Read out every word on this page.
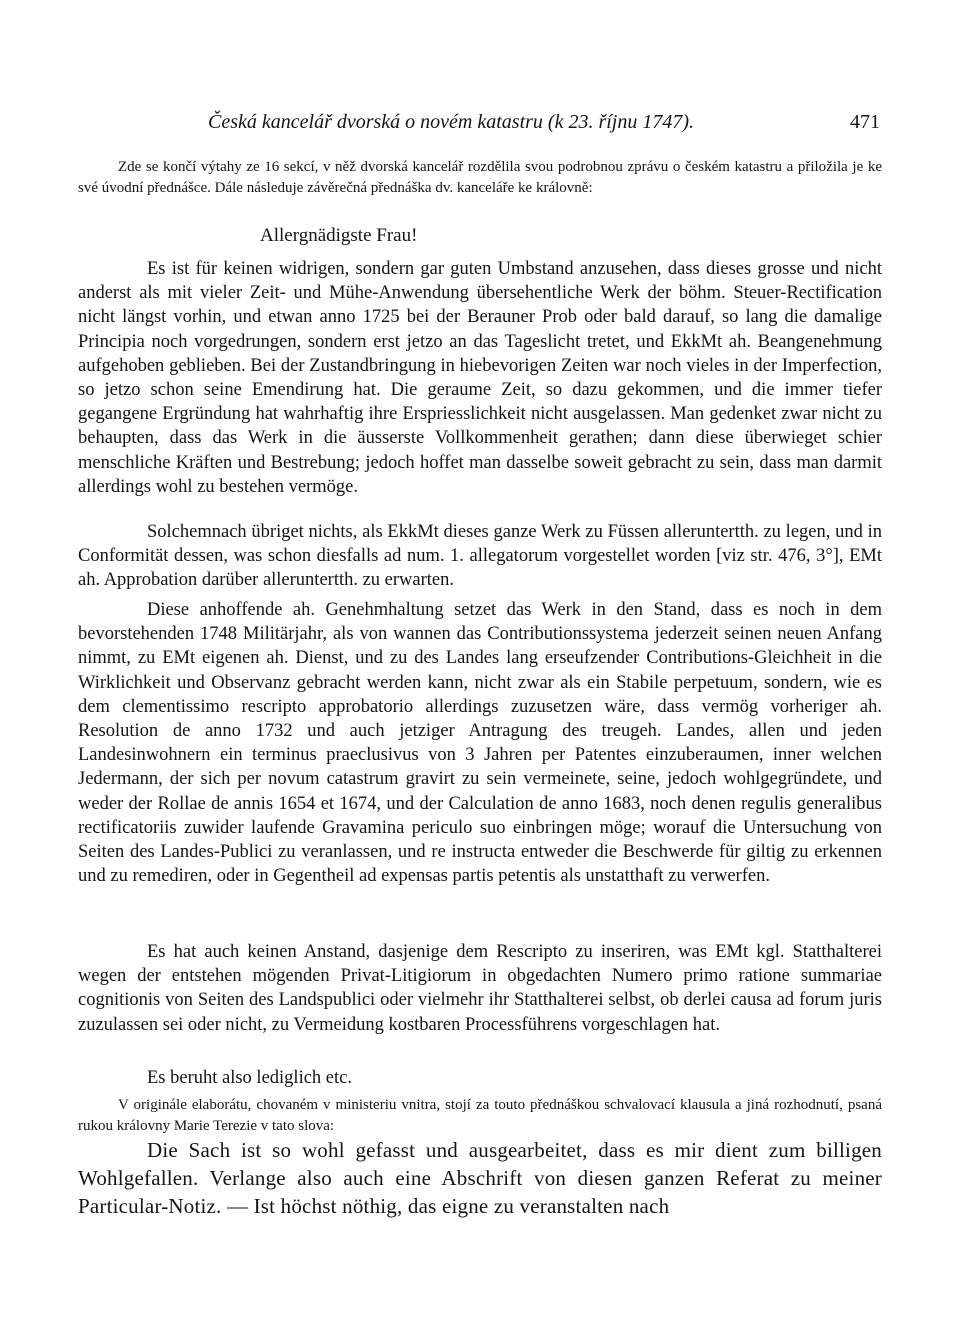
Česká kancelář dvorská o novém katastru (k 23. říjnu 1747).	471
Zde se končí výtahy ze 16 sekcí, v něž dvorská kancelář rozdělila svou podrobnou zprávu o českém katastru a přiložila je ke své úvodní přednášce. Dále následuje závěrečná přednáška dv. kanceláře ke královně:
Allergnädigste Frau!

Es ist für keinen widrigen, sondern gar guten Umbstand anzusehen, dass dieses grosse und nicht anderst als mit vieler Zeit- und Mühe-Anwendung übersehentliche Werk der böhm. Steuer-Rectification nicht längst vorhin, und etwan anno 1725 bei der Berauner Prob oder bald darauf, so lang die damalige Principia noch vorgedrungen, sondern erst jetzo an das Tageslicht tretet, und EkkMt ah. Beangenehmung aufgehoben geblieben. Bei der Zustandbringung in hiebevorigen Zeiten war noch vieles in der Imperfection, so jetzo schon seine Emendirung hat. Die geraume Zeit, so dazu gekommen, und die immer tiefer gegangene Ergründung hat wahrhaftig ihre Erspriesslichkeit nicht ausgelassen. Man gedenket zwar nicht zu behaupten, dass das Werk in die äusserste Vollkommenheit gerathen; dann diese überwieget schier menschliche Kräften und Bestrebung; jedoch hoffet man dasselbe soweit gebracht zu sein, dass man darmit allerdings wohl zu bestehen vermöge.

Solchemnach übriget nichts, als EkkMt dieses ganze Werk zu Füssen alleruntertth. zu legen, und in Conformität dessen, was schon diesfalls ad num. 1. allegatorum vorgestellet worden [viz str. 476, 3°], EMt ah. Approbation darüber alleruntertth. zu erwarten.

Diese anhoffende ah. Genehmhaltung setzet das Werk in den Stand, dass es noch in dem bevorstehenden 1748 Militärjahr, als von wannen das Contributionssystema jederzeit seinen neuen Anfang nimmt, zu EMt eigenen ah. Dienst, und zu des Landes lang erseufzender Contributions-Gleichheit in die Wirklichkeit und Observanz gebracht werden kann, nicht zwar als ein Stabile perpetuum, sondern, wie es dem clementissimo rescripto approbatorio allerdings zuzusetzen wäre, dass vermög vorheriger ah. Resolution de anno 1732 und auch jetziger Antragung des treugeh. Landes, allen und jeden Landesinwohnern ein terminus praeclusivus von 3 Jahren per Patentes einzuberaumen, inner welchen Jedermann, der sich per novum catastrum gravirt zu sein vermeinete, seine, jedoch wohlgegründete, und weder der Rollae de annis 1654 et 1674, und der Calculation de anno 1683, noch denen regulis generalibus rectificatoriis zuwider laufende Gravamina periculo suo einbringen möge; worauf die Untersuchung von Seiten des Landes-Publici zu veranlassen, und re instructa entweder die Beschwerde für giltig zu erkennen und zu remediren, oder in Gegentheil ad expensas partis petentis als unstatthaft zu verwerfen.

Es hat auch keinen Anstand, dasjenige dem Rescripto zu inseriren, was EMt kgl. Statthalterei wegen der entstehen mögenden Privat-Litigiorum in obgedachten Numero primo ratione summariae cognitionis von Seiten des Landspublici oder vielmehr ihr Statthalterei selbst, ob derlei causa ad forum juris zuzulassen sei oder nicht, zu Vermeidung kostbaren Processführens vorgeschlagen hat.

Es beruht also lediglich etc.

V originále elaborátu, chovaném v ministeriu vnitra, stojí za touto přednáškou schvalovací klausula a jiná rozhodnutí, psaná rukou královny Marie Terezie v tato slova:

Die Sach ist so wohl gefasst und ausgearbeitet, dass es mir dient zum billigen Wohlgefallen. Verlange also auch eine Abschrift von diesen ganzen Referat zu meiner Particular-Notiz. — Ist höchst nöthig, das eigne zu veranstalten nach
